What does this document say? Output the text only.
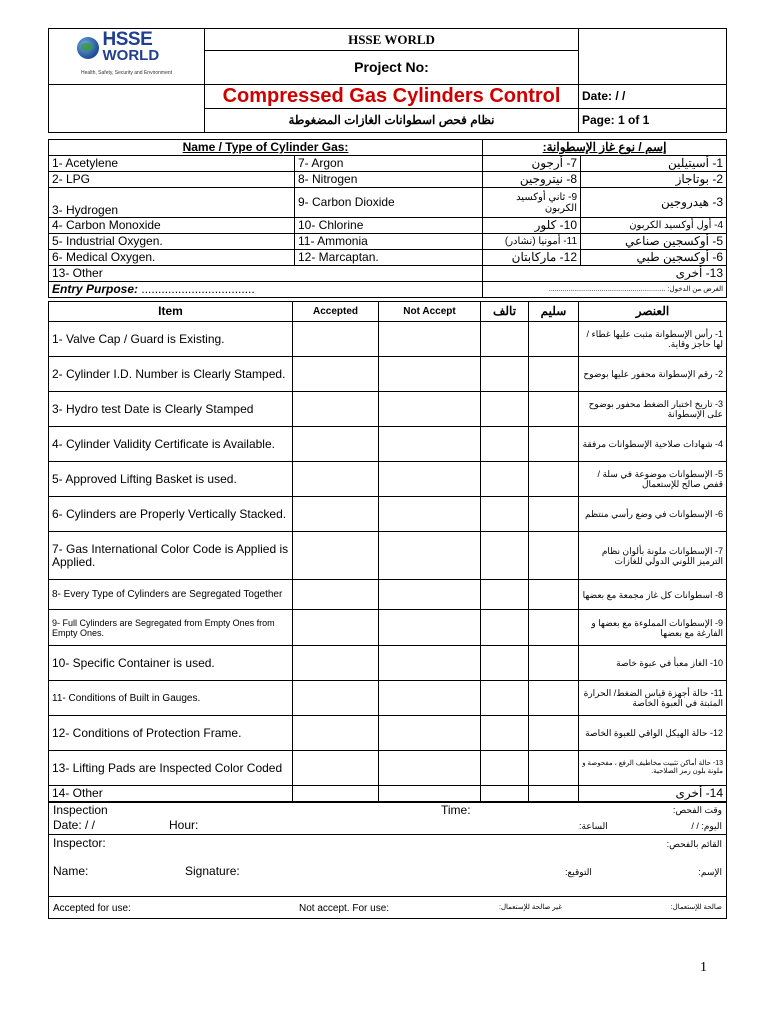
HSSE
WORLD
Health, Safety, Security and Environment	HSSE WORLD	
	Project No:	
	Compressed Gas Cylinders Control	Date: / /
	نظام فحص اسطوانات الغازات المضغوطة	Page: 1 of 1
Name / Type of Cylinder Gas:		إسم / نوع غاز الإسطوانة:	
1- Acetylene	7- Argon	7- أرجون	1- أسيتيلين
2- LPG	8- Nitrogen	8- نيتروجين	2- بوتاجاز
3- Hydrogen	9- Carbon Dioxide	9- ثاني أوكسيد الكربون	3- هيدروجين
4- Carbon Monoxide	10- Chlorine	10- كلور	4- أول أوكسيد الكربون
5- Industrial Oxygen.	11- Ammonia	11- أمونيا (نشادر)	5- أوكسجين صناعي
6- Medical Oxygen.	12- Marcaptan.	12- ماركابتان	6- أوكسجين طبي
13- Other		13- أخرى	
Entry Purpose: ..................................		الغرض من الدخول: ............................................................	
Item	Accepted	Not Accept	تالف	سليم	العنصر
1- Valve Cap / Guard is Existing.					1- رأس الإسطوانة مثبت عليها غطاء / لها حاجز وقاية.
2- Cylinder I.D. Number is Clearly Stamped.					2- رقم الإسطوانة محفور عليها بوضوح
3- Hydro test Date is Clearly Stamped					3- تاريخ اختبار الضغط محفور بوضوح على الإسطوانة
4- Cylinder Validity Certificate is Available.					4- شهادات صلاحية الإسطوانات مرفقة
5- Approved Lifting Basket is used.					5- الإسطوانات موضوعة في سلة / قفص صالح للإستعمال
6- Cylinders are Properly Vertically Stacked.					6- الإسطوانات في وضع رأسي منتظم
7- Gas International Color Code is Applied is Applied.					7- الإسطوانات ملونة بألوان نظام الترميز اللوني الدولي للغازات
8- Every Type of Cylinders are Segregated Together					8- اسطوانات كل غاز مجمعة مع بعضها
9- Full Cylinders are Segregated from Empty Ones from Empty Ones.					9- الإسطوانات المملوءة مع بعضها و الفارغة مع بعضها
10- Specific Container is used.					10- الغاز معبأ في عبوة خاصة
11- Conditions of Built in Gauges.					11- حالة أجهزة قياس الضغط/ الحرارة المثبتة في العبوة الخاصة
12- Conditions of Protection Frame.					12- حالة الهيكل الواقي للعبوة الخاصة
13- Lifting Pads are Inspected Color Coded					13- حالة أماكن تثبيت مخاطيف الرفع ، مفحوصة و ملونة بلون رمز الصلاحية.
14- Other					14- أخرى
Inspection	Time:	وقت الفحص:
Date: / /	Hour:	الساعة:	اليوم: / /

Inspector:	القائم بالفحص:
Name:	Signature:	التوقيع:	الإسم:

Accepted for use:	Not accept. For use:	غير صالحة للإستعمال:	صالحة للإستعمال:
1
